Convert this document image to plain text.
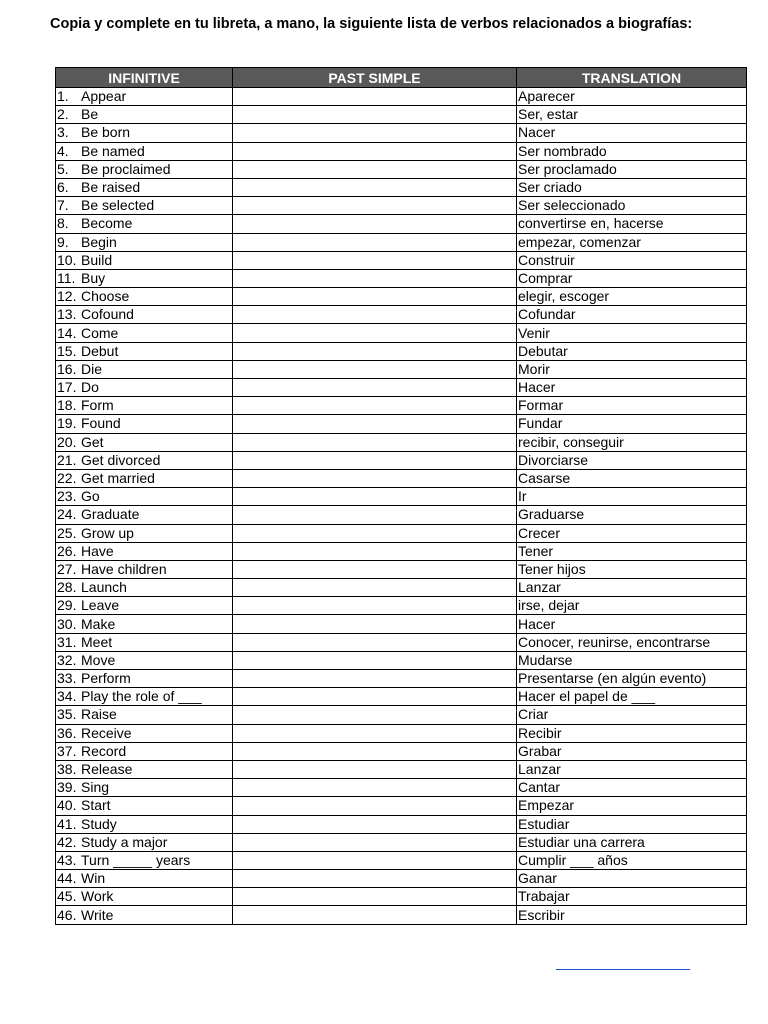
Copia y complete en tu libreta, a mano, la siguiente lista de verbos relacionados a biografías:
INFINITIVE	PAST SIMPLE	TRANSLATION
1. Appear		Aparecer
2. Be		Ser, estar
3. Be born		Nacer
4. Be named		Ser nombrado
5. Be proclaimed		Ser proclamado
6. Be raised		Ser criado
7. Be selected		Ser seleccionado
8. Become		convertirse en, hacerse
9. Begin		empezar, comenzar
10. Build		Construir
11. Buy		Comprar
12. Choose		elegir, escoger
13. Cofound		Cofundar
14. Come		Venir
15. Debut		Debutar
16. Die		Morir
17. Do		Hacer
18. Form		Formar
19. Found		Fundar
20. Get		recibir, conseguir
21. Get divorced		Divorciarse
22. Get married		Casarse
23. Go		Ir
24. Graduate		Graduarse
25. Grow up		Crecer
26. Have		Tener
27. Have children		Tener hijos
28. Launch		Lanzar
29. Leave		irse, dejar
30. Make		Hacer
31. Meet		Conocer, reunirse, encontrarse
32. Move		Mudarse
33. Perform		Presentarse (en algún evento)
34. Play the role of ___		Hacer el papel de ___
35. Raise		Criar
36. Receive		Recibir
37. Record		Grabar
38. Release		Lanzar
39. Sing		Cantar
40. Start		Empezar
41. Study		Estudiar
42. Study a major		Estudiar una carrera
43. Turn _____ years		Cumplir ___ años
44. Win		Ganar
45. Work		Trabajar
46. Write		Escribir
